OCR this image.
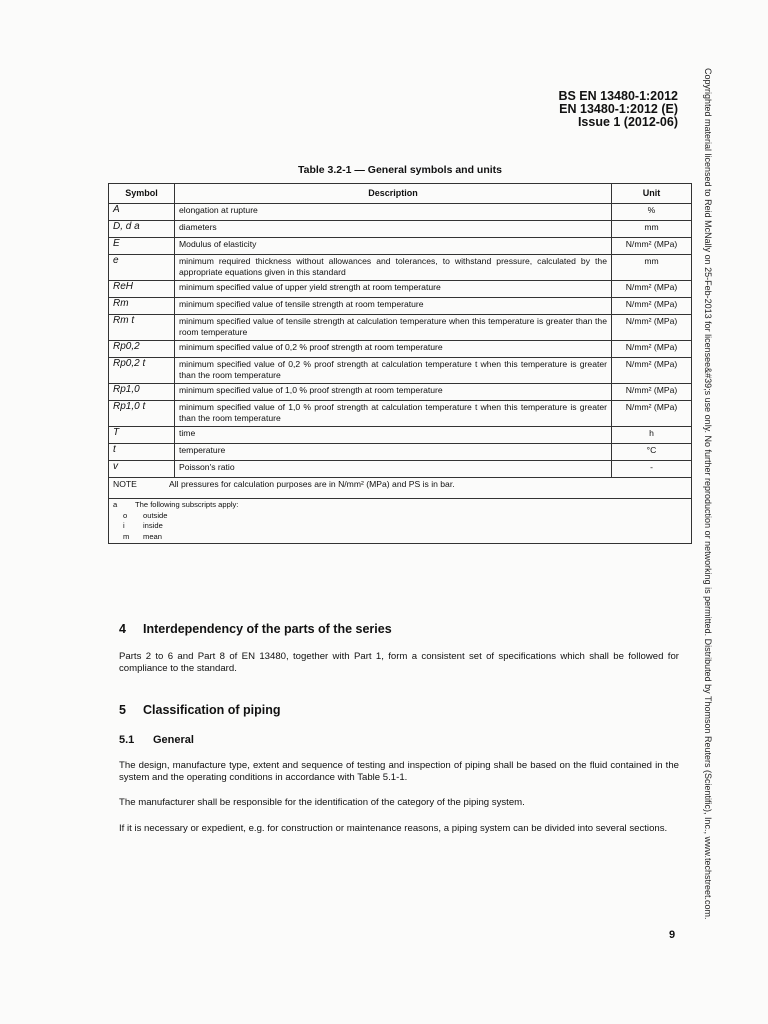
BS EN 13480-1:2012
EN 13480-1:2012 (E)
Issue 1 (2012-06)	Copyrighted material licensed to Reid McNally on 25-Feb-2013 for licensee&#39;s use only. No further reproduction or networking is permitted. Distributed by Thomson Reuters (Scientific), Inc., www.techstreet.com.
Table 3.2-1 — General symbols and units
Symbol	Description	Unit
A	elongation at rupture	%
D, d a	diameters	mm
E	Modulus of elasticity	N/mm² (MPa)
e	minimum required thickness without allowances and tolerances, to withstand pressure, calculated by the appropriate equations given in this standard	mm
ReH	minimum specified value of upper yield strength at room temperature	N/mm² (MPa)
Rm	minimum specified value of tensile strength at room temperature	N/mm² (MPa)
Rm t	minimum specified value of tensile strength at calculation temperature when this temperature is greater than the room temperature	N/mm² (MPa)
Rp0,2	minimum specified value of 0,2 % proof strength at room temperature	N/mm² (MPa)
Rp0,2 t	minimum specified value of 0,2 % proof strength at calculation temperature t when this temperature is greater than the room temperature	N/mm² (MPa)
Rp1,0	minimum specified value of 1,0 % proof strength at room temperature	N/mm² (MPa)
Rp1,0 t	minimum specified value of 1,0 % proof strength at calculation temperature t when this temperature is greater than the room temperature	N/mm² (MPa)
T	time	h
t	temperature	°C
v	Poisson's ratio	-
NOTE All pressures for calculation purposes are in N/mm² (MPa) and PS is in bar.		

a The following subscripts apply:
o outside
i inside
m mean		
4 Interdependency of the parts of the series
Parts 2 to 6 and Part 8 of EN 13480, together with Part 1, form a consistent set of specifications which shall be followed for compliance to the standard.
5 Classification of piping
5.1 General
The design, manufacture type, extent and sequence of testing and inspection of piping shall be based on the fluid contained in the system and the operating conditions in accordance with Table 5.1-1.
The manufacturer shall be responsible for the identification of the category of the piping system.
If it is necessary or expedient, e.g. for construction or maintenance reasons, a piping system can be divided into several sections.
9
